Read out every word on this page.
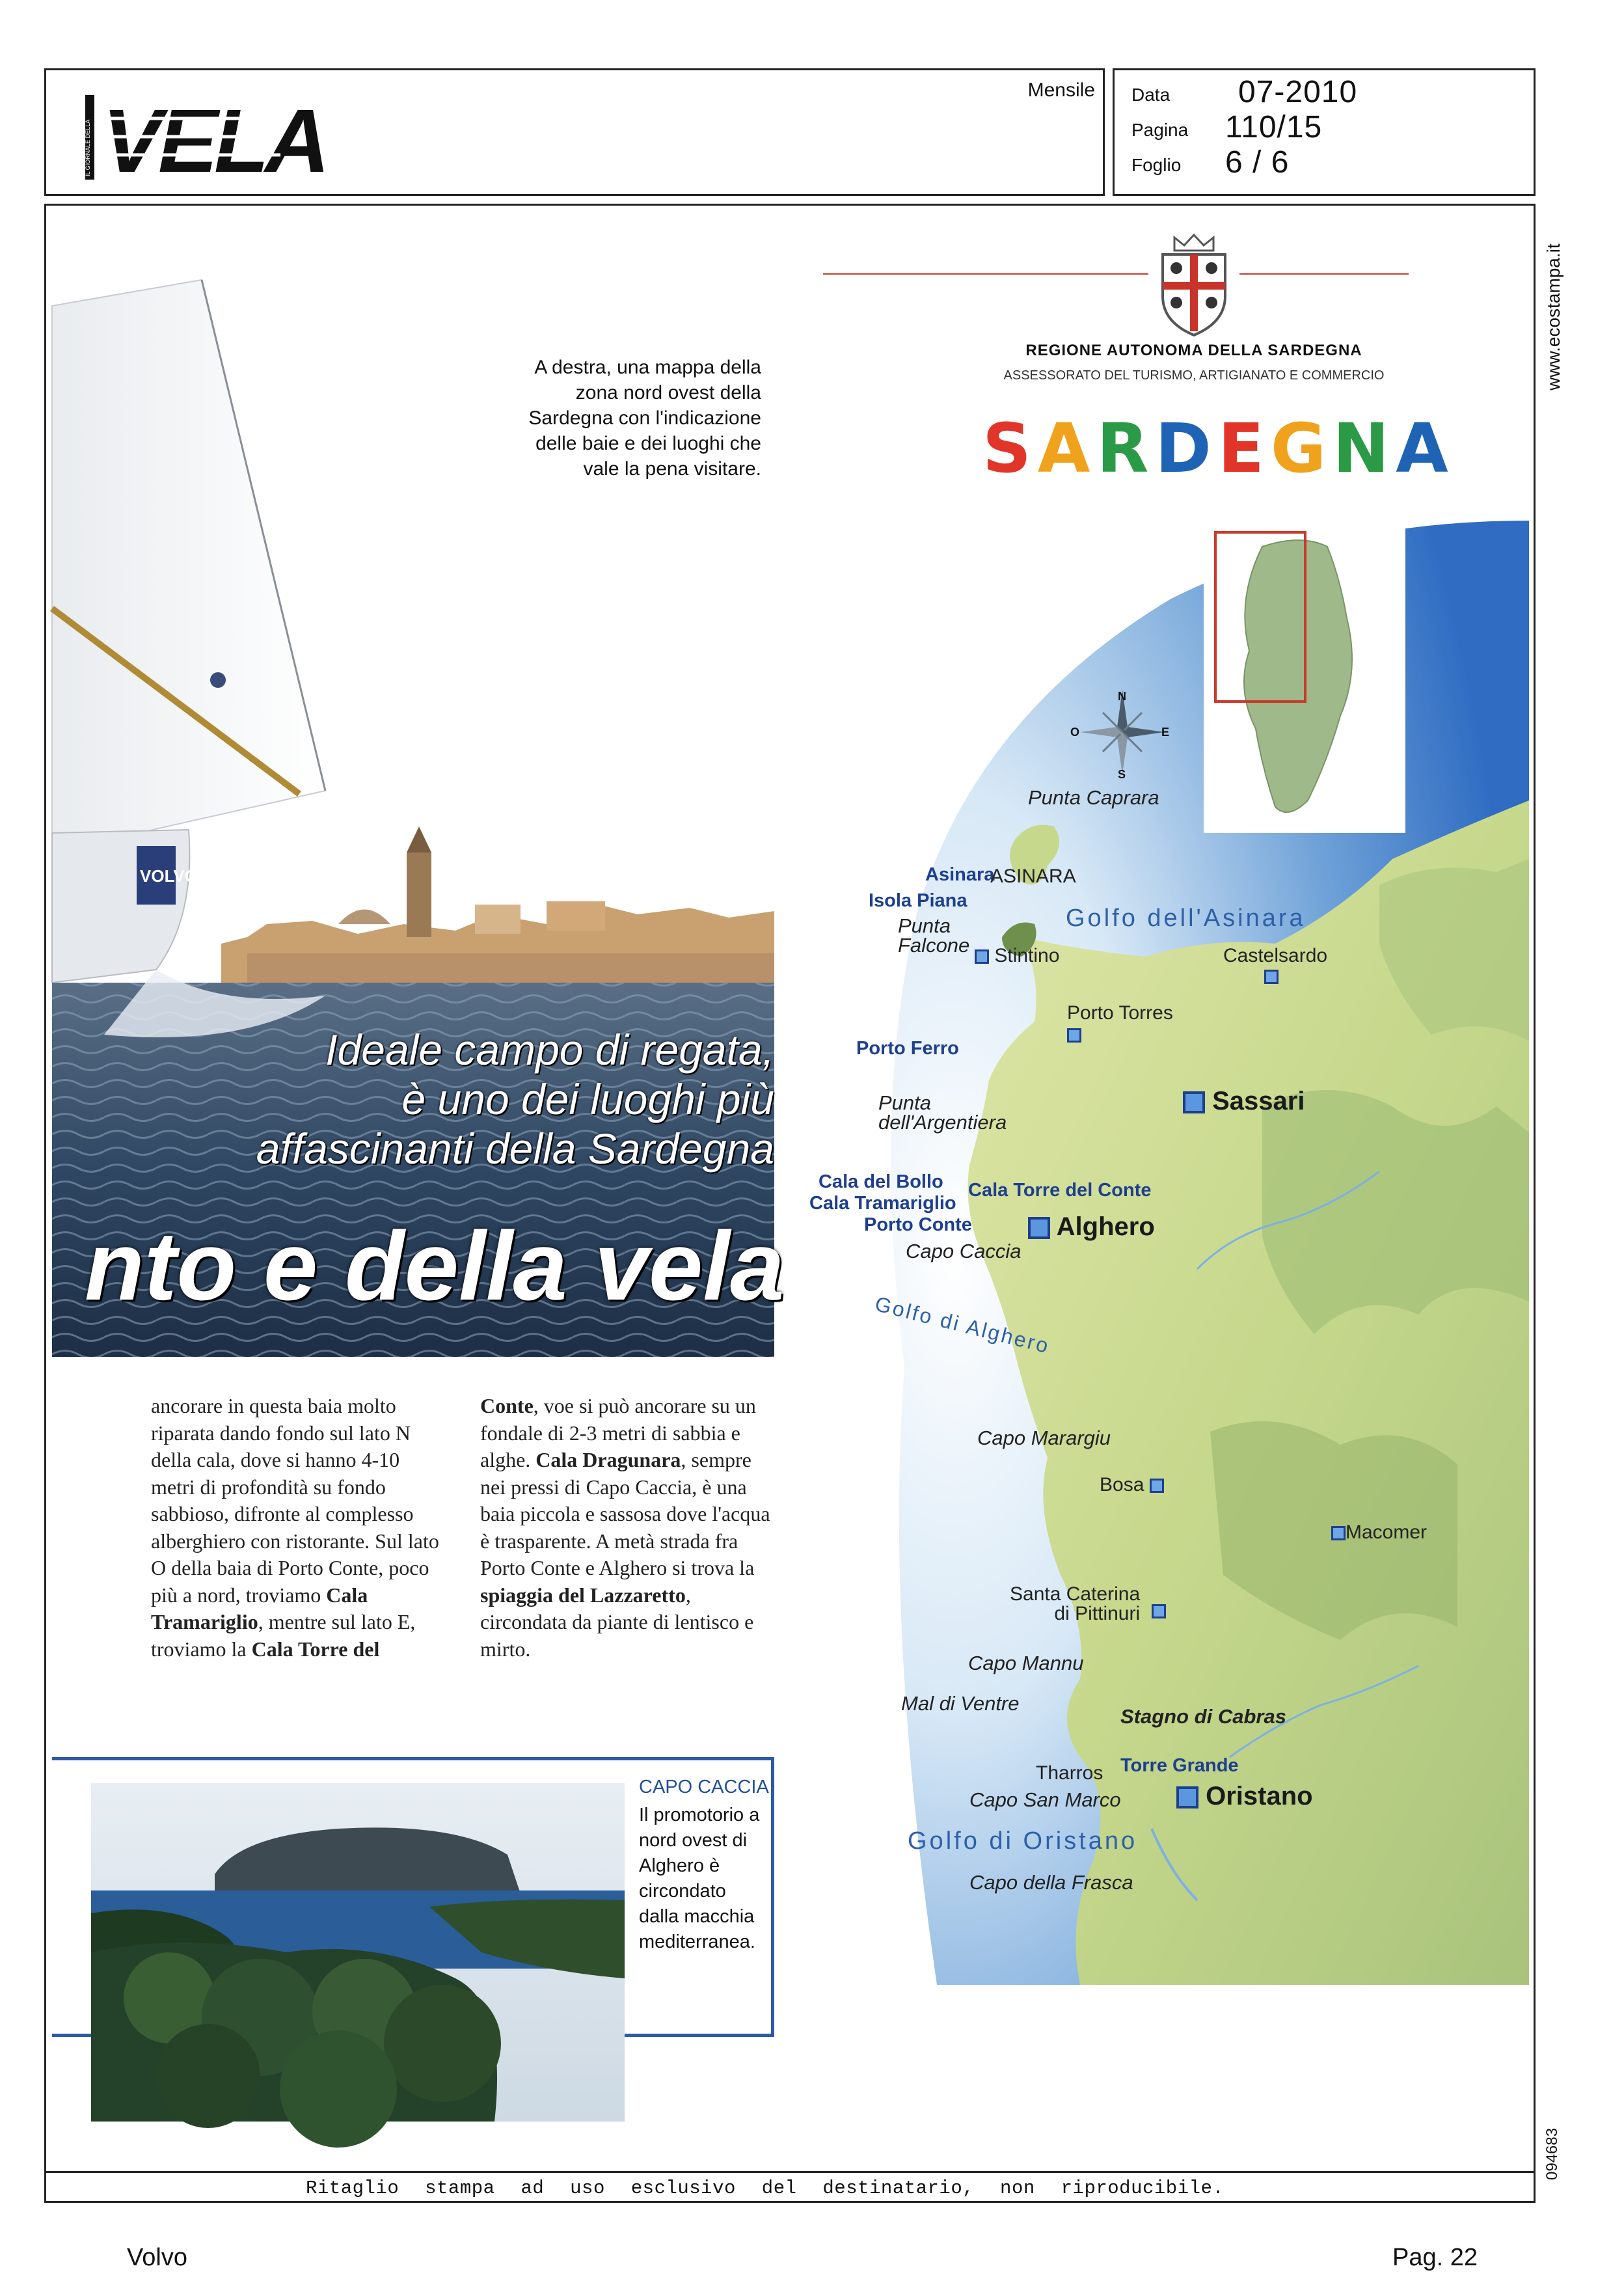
IL GIORNALE DELLA VELA
Mensile Data 07-2010
Pagina 110/15
Foglio 6 / 6
www.ecostampa.it
094683
VOLVO
A destra, una mappa della zona nord ovest della Sardegna con l'indicazione delle baie e dei luoghi che vale la pena visitare.
Ideale campo di regata,
è uno dei luoghi più
affascinanti della Sardegna
nto e della vela
ancorare in questa baia molto riparata dando fondo sul lato N della cala, dove si hanno 4-10 metri di profondità su fondo sabbioso, difronte al complesso alberghiero con ristorante. Sul lato O della baia di Porto Conte, poco più a nord, troviamo Cala Tramariglio, mentre sul lato E, troviamo la Cala Torre del
Conte, voe si può ancorare su un fondale di 2-3 metri di sabbia e alghe. Cala Dragunara, sempre nei pressi di Capo Caccia, è una baia piccola e sassosa dove l'acqua è trasparente. A metà strada fra Porto Conte e Alghero si trova la spiaggia del Lazzaretto, circondata da piante di lentisco e mirto.
CAPO CACCIA
Il promotorio a nord ovest di Alghero è circondato dalla macchia mediterranea.
REGIONE AUTONOMA DELLA SARDEGNA
ASSESSORATO DEL TURISMO, ARTIGIANATO E COMMERCIO
SARDEGNA
N
S
E
O
Punta Caprara
Asinara
ASINARA
Isola Piana
Punta
Falcone
Golfo dell'Asinara
Stintino	Castelsardo
Porto Torres
Porto Ferro
Punta
dell'Argentiera
Sassari
Cala del Bollo
Cala Tramariglio
Porto Conte
Cala Torre del Conte
Capo Caccia
Alghero
Golfo di Alghero
Capo Marargiu
Bosa
Macomer
Santa Caterina
di Pittinuri
Capo Mannu
Mal di Ventre
Stagno di Cabras
Tharros Torre Grande
Capo San Marco	Oristano
Golfo di Oristano
Capo della Frasca
Ritaglio stampa ad uso esclusivo del destinatario, non riproducibile.
Volvo	Pag. 22
